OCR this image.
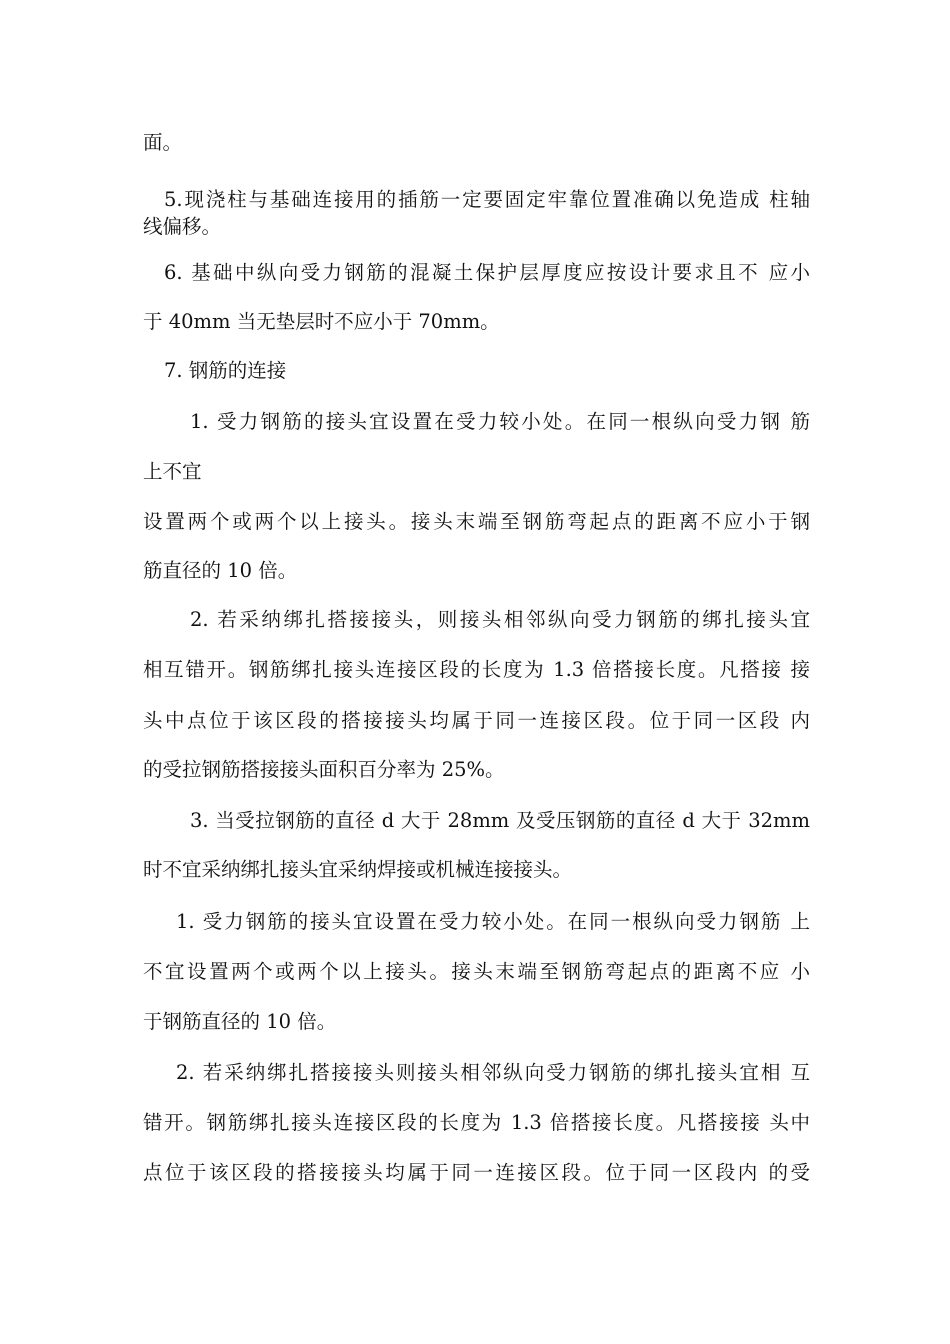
面。
5.现浇柱与基础连接用的插筋一定要固定牢靠位置准确以免造成 柱轴
线偏移。
6. 基础中纵向受力钢筋的混凝土保护层厚度应按设计要求且不 应小
于 40mm 当无垫层时不应小于 70mm。
7. 钢筋的连接
1. 受力钢筋的接头宜设置在受力较小处。在同一根纵向受力钢 筋
上不宜
设置两个或两个以上接头。接头末端至钢筋弯起点的距离不应小于钢
筋直径的 10 倍。
2. 若采纳绑扎搭接接头，则接头相邻纵向受力钢筋的绑扎接头宜
相互错开。钢筋绑扎接头连接区段的长度为 1.3 倍搭接长度。凡搭接 接
头中点位于该区段的搭接接头均属于同一连接区段。位于同一区段 内
的受拉钢筋搭接接头面积百分率为 25%。
3. 当受拉钢筋的直径 d 大于 28mm 及受压钢筋的直径 d 大于 32mm
时不宜采纳绑扎接头宜采纳焊接或机械连接接头。
1. 受力钢筋的接头宜设置在受力较小处。在同一根纵向受力钢筋 上
不宜设置两个或两个以上接头。接头末端至钢筋弯起点的距离不应 小
于钢筋直径的 10 倍。
2. 若采纳绑扎搭接接头则接头相邻纵向受力钢筋的绑扎接头宜相 互
错开。钢筋绑扎接头连接区段的长度为 1.3 倍搭接长度。凡搭接接 头中
点位于该区段的搭接接头均属于同一连接区段。位于同一区段内 的受
